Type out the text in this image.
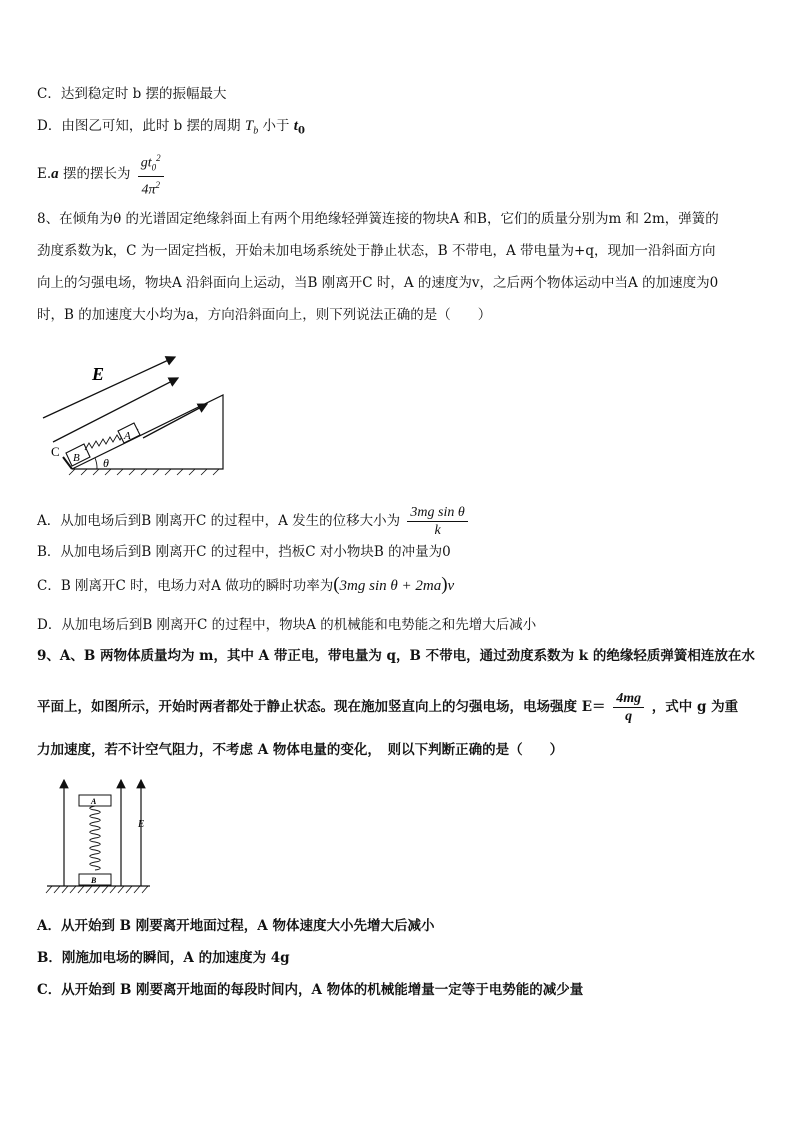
C．达到稳定时 b 摆的振幅最大
D．由图乙可知，此时 b 摆的周期 $T_b$ 小于 $t_0$
E.a 摆的摆长为 $\frac{gt_0^2}{4\pi^2}$
8、在倾角为θ 的光谱固定绝缘斜面上有两个用绝缘轻弹簧连接的物块A 和B，它们的质量分别为m 和 2m，弹簧的
劲度系数为k，C 为一固定挡板，开始未加电场系统处于静止状态，B 不带电，A 带电量为+q，现加一沿斜面方向
向上的匀强电场，物块A 沿斜面向上运动，当B 刚离开C 时，A 的速度为v，之后两个物体运动中当A 的加速度为0
时，B 的加速度大小均为a，方向沿斜面向上，则下列说法正确的是（　　）
E
A
B
C
θ
A．从加电场后到B 刚离开C 的过程中，A 发生的位移大小为 $\frac{\text{3mg sin θ}}{k}$
B．从加电场后到B 刚离开C 的过程中，挡板C 对小物块B 的冲量为0
C．B 刚离开C 时，电场力对A 做功的瞬时功率为(3mg sin θ + 2ma)v
D．从加电场后到B 刚离开C 的过程中，物块A 的机械能和电势能之和先增大后减小
9、A、B 两物体质量均为 m，其中 A 带正电，带电量为 q，B 不带电，通过劲度系数为 k 的绝缘轻质弹簧相连放在水
平面上，如图所示，开始时两者都处于静止状态。现在施加竖直向上的匀强电场，电场强度 $E= \frac{4mg}{q}$ ，式中 g 为重
力加速度，若不计空气阻力，不考虑 A 物体电量的变化，　则以下判断正确的是（　　）
A
B
E
A．从开始到 B 刚要离开地面过程，A 物体速度大小先增大后减小
B．刚施加电场的瞬间，A 的加速度为 4g
C．从开始到 B 刚要离开地面的每段时间内，A 物体的机械能增量一定等于电势能的减少量
